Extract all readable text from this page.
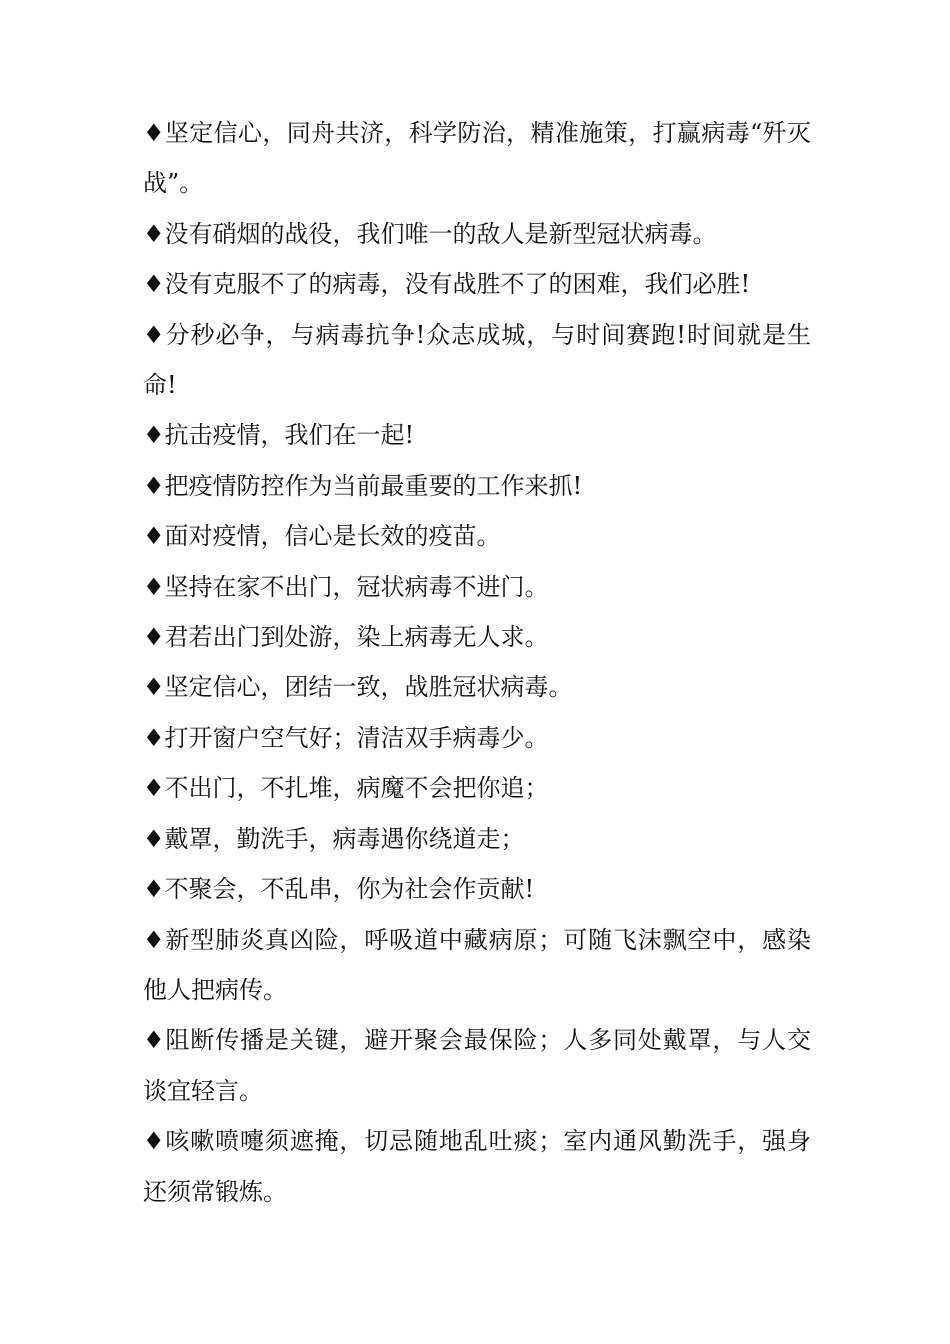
♦坚定信心，同舟共济，科学防治，精准施策，打赢病毒“歼灭战”。

♦没有硝烟的战役，我们唯一的敌人是新型冠状病毒。

♦没有克服不了的病毒，没有战胜不了的困难，我们必胜!

♦分秒必争，与病毒抗争!众志成城，与时间赛跑!时间就是生命!

♦抗击疫情，我们在一起!

♦把疫情防控作为当前最重要的工作来抓!

♦面对疫情，信心是长效的疫苗。

♦坚持在家不出门，冠状病毒不进门。

♦君若出门到处游，染上病毒无人求。

♦坚定信心，团结一致，战胜冠状病毒。

♦打开窗户空气好；清洁双手病毒少。

♦不出门，不扎堆，病魔不会把你追；

♦戴罩，勤洗手，病毒遇你绕道走；

♦不聚会，不乱串，你为社会作贡献!

♦新型肺炎真凶险，呼吸道中藏病原；可随飞沫飘空中，感染他人把病传。

♦阻断传播是关键，避开聚会最保险；人多同处戴罩，与人交谈宜轻言。

♦咳嗽喷嚏须遮掩，切忌随地乱吐痰；室内通风勤洗手，强身还须常锻炼。
